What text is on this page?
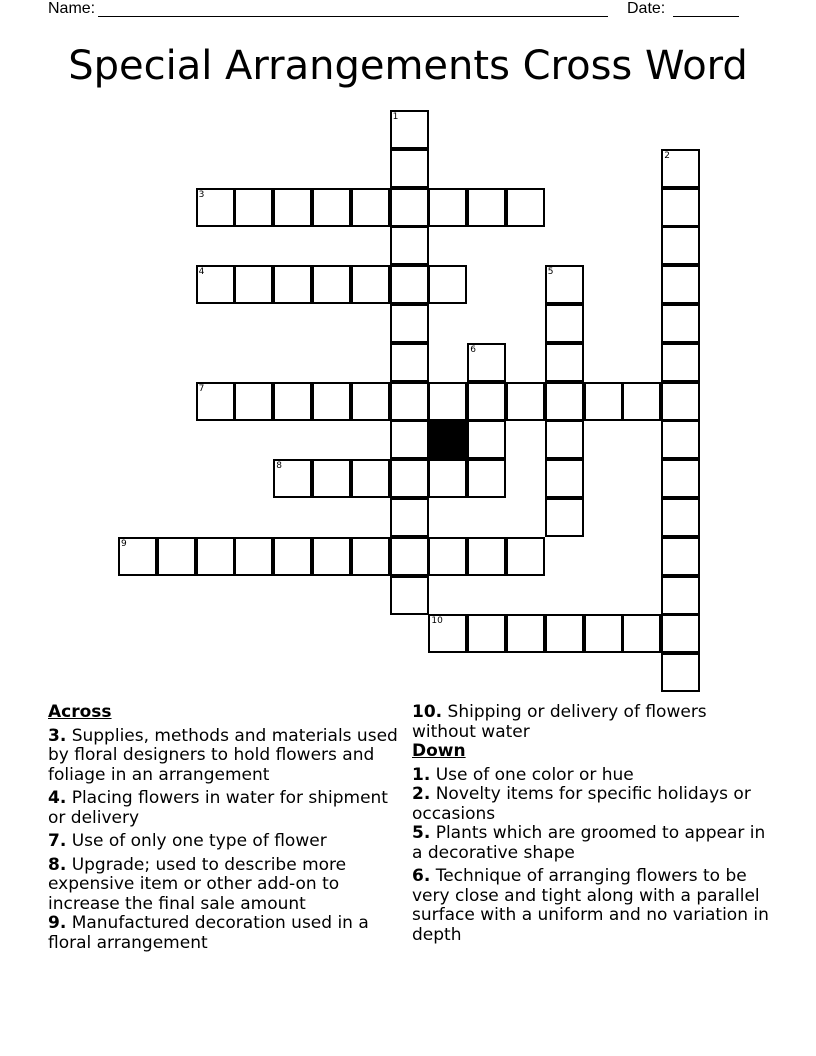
Name:	Date:
Special Arrangements Cross Word
1
2
3
4	5
6
7
8
9
10
Across
3. Supplies, methods and materials used by floral designers to hold flowers and foliage in an arrangement
4. Placing flowers in water for shipment or delivery
7. Use of only one type of flower
8. Upgrade; used to describe more expensive item or other add-on to increase the final sale amount
9. Manufactured decoration used in a floral arrangement
10. Shipping or delivery of flowers without water
Down
1. Use of one color or hue
2. Novelty items for specific holidays or occasions
5. Plants which are groomed to appear in a decorative shape
6. Technique of arranging flowers to be very close and tight along with a parallel surface with a uniform and no variation in depth
